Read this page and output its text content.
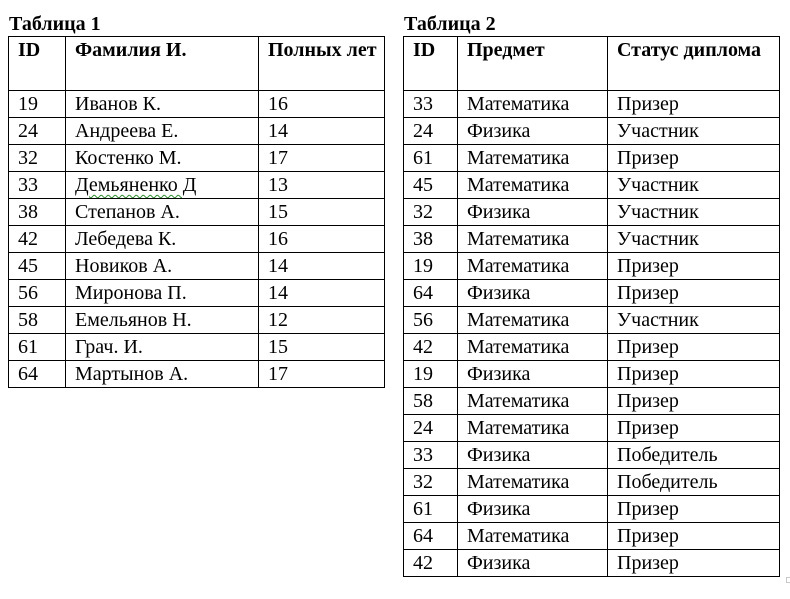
Таблица 1	Таблица 2
ID	Фамилия И.	Полных лет
19	Иванов К.	16
24	Андреева Е.	14
32	Костенко М.	17
33	Демьяненко Д	13
38	Степанов А.	15
42	Лебедева К.	16
45	Новиков А.	14
56	Миронова П.	14
58	Емельянов Н.	12
61	Грач. И.	15
64	Мартынов А.	17
ID	Предмет	Статус диплома
33	Математика	Призер
24	Физика	Участник
61	Математика	Призер
45	Математика	Участник
32	Физика	Участник
38	Математика	Участник
19	Математика	Призер
64	Физика	Призер
56	Математика	Участник
42	Математика	Призер
19	Физика	Призер
58	Математика	Призер
24	Математика	Призер
33	Физика	Победитель
32	Математика	Победитель
61	Физика	Призер
64	Математика	Призер
42	Физика	Призер
